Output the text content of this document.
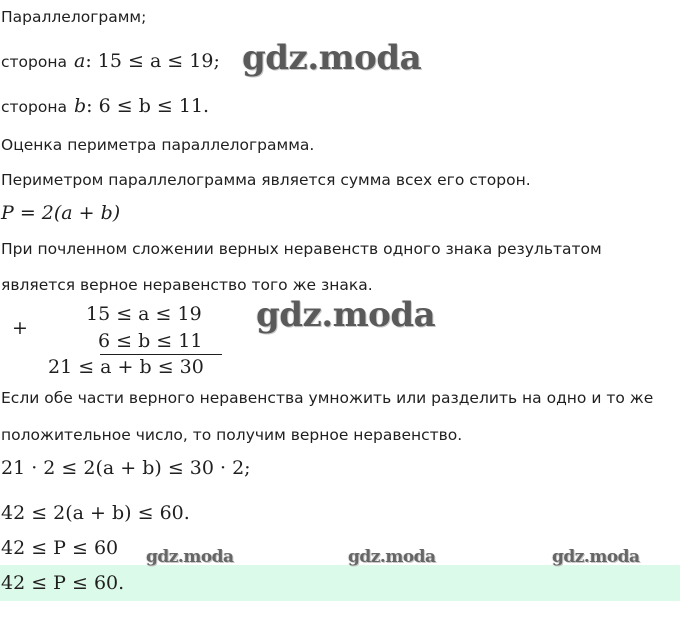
Параллелограмм;
сторона a: 15 ≤ a ≤ 19;
сторона b: 6 ≤ b ≤ 11.
Оценка периметра параллелограмма.
Периметром параллелограмма является сумма всех его сторон.
P = 2(a + b)
При почленном сложении верных неравенств одного знака результатом
является верное неравенство того же знака.
+
15 ≤ a ≤ 19
6 ≤ b ≤ 11
21 ≤ a + b ≤ 30
Если обе части верного неравенства умножить или разделить на одно и то же
положительное число, то получим верное неравенство.
21 · 2 ≤ 2(a + b) ≤ 30 · 2;
42 ≤ 2(a + b) ≤ 60.
42 ≤ P ≤ 60
42 ≤ P ≤ 60.
gdz.moda
gdz.moda
gdz.moda	gdz.moda	gdz.moda
